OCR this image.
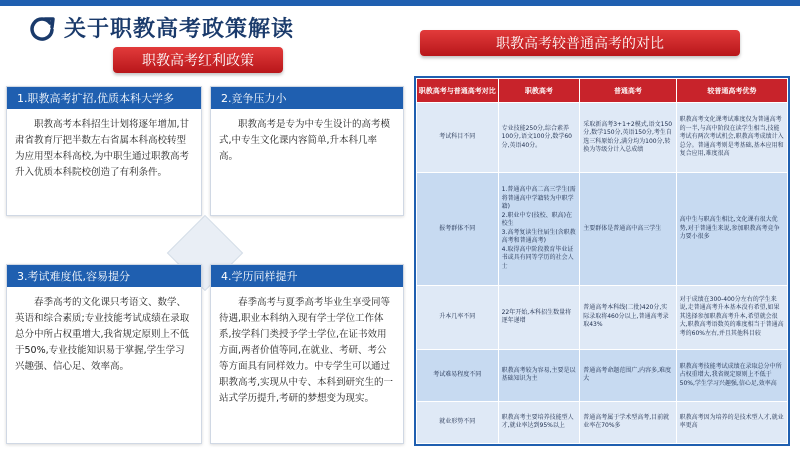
关于职教高考政策解读
职教高考红利政策
职教高考较普通高考的对比
1.职教高考扩招,优质本科大学多
职教高考本科招生计划将逐年增加,甘肃省教育厅把半数左右省属本科高校转型为应用型本科高校,为中职生通过职教高考升入优质本科院校创造了有利条件。
2.竞争压力小
职教高考是专为中专生设计的高考模式,中专生文化课内容简单,升本科几率高。
3.考试难度低,容易提分
春季高考的文化课只考语文、数学、英语和综合素质;专业技能考试成绩在录取总分中所占权重增大,我省规定原则上不低于50%,专业技能知识易于掌握,学生学习兴趣强、信心足、效率高。
4.学历同样提升
春季高考与夏季高考毕业生享受同等待遇,职业本科纳入现有学士学位工作体系,按学科门类授予学士学位,在证书效用方面,两者价值等同,在就业、考研、考公等方面具有同样效力。中专学生可以通过职教高考,实现从中专、本科到研究生的一站式学历提升,考研的梦想变为现实。
职教高考与普通高考对比	职教高考	普通高考	较普通高考优势
考试科目不同	专业技能250分,综合素养100分,语文100分,数学60分,英语40分。	采取新高考3+1+2模式,语文150分,数学150分,英语150分,考生自选三科原始分,满分均为100分,转换为等级分计入总成绩	职教高考文化课考试难度仅为普通高考的一半,与高中阶段在读学生相当,技能考试有两次考试机会,职教高考成绩计入总分。普通高考则是考基础,基本应用和复合应用,难度很高
报考群体不同	1.普通高中高二高三学生(需将普通高中学籍转为中职学籍)
2.职业中专(技校、职高)在校生
3.高考复读生往届生(含职教高考和普通高考)
4.取得高中阶段教育毕业证书或具有同等学历的社会人士	主要群体是普通高中高三学生	高中生与职高生相比,文化课有很大优势,对于普通生来说,参加职教高考竞争力要小很多
升本几率不同	22年开始,本科招生数量将逐年递增	普通高考本科线(二批)420分,实际录取将460分以上,普通高考录取43%	对于成绩在300-400分左右的学生来说,走普通高考升本基本没有希望,如果其选择参加职教高考升本,希望就会很大,职教高考语数英的难度相当于普通高考的60%左右,并且其他科目较
考试难易程度不同	职教高考较为容易,主要是以基础知识为主	普通高考命题范围广,内容多,难度大	职教高考技能考试成绩在录取总分中所占权重增大,我省规定原则上不低于50%,学生学习兴趣强,信心足,效率高
就业形势不同	职教高考主要培养技能型人才,就业率达到95%以上	普通高考属于学术型高考,目前就业率在70%多	职教高考因为培养的是技术型人才,就业率更高
7
